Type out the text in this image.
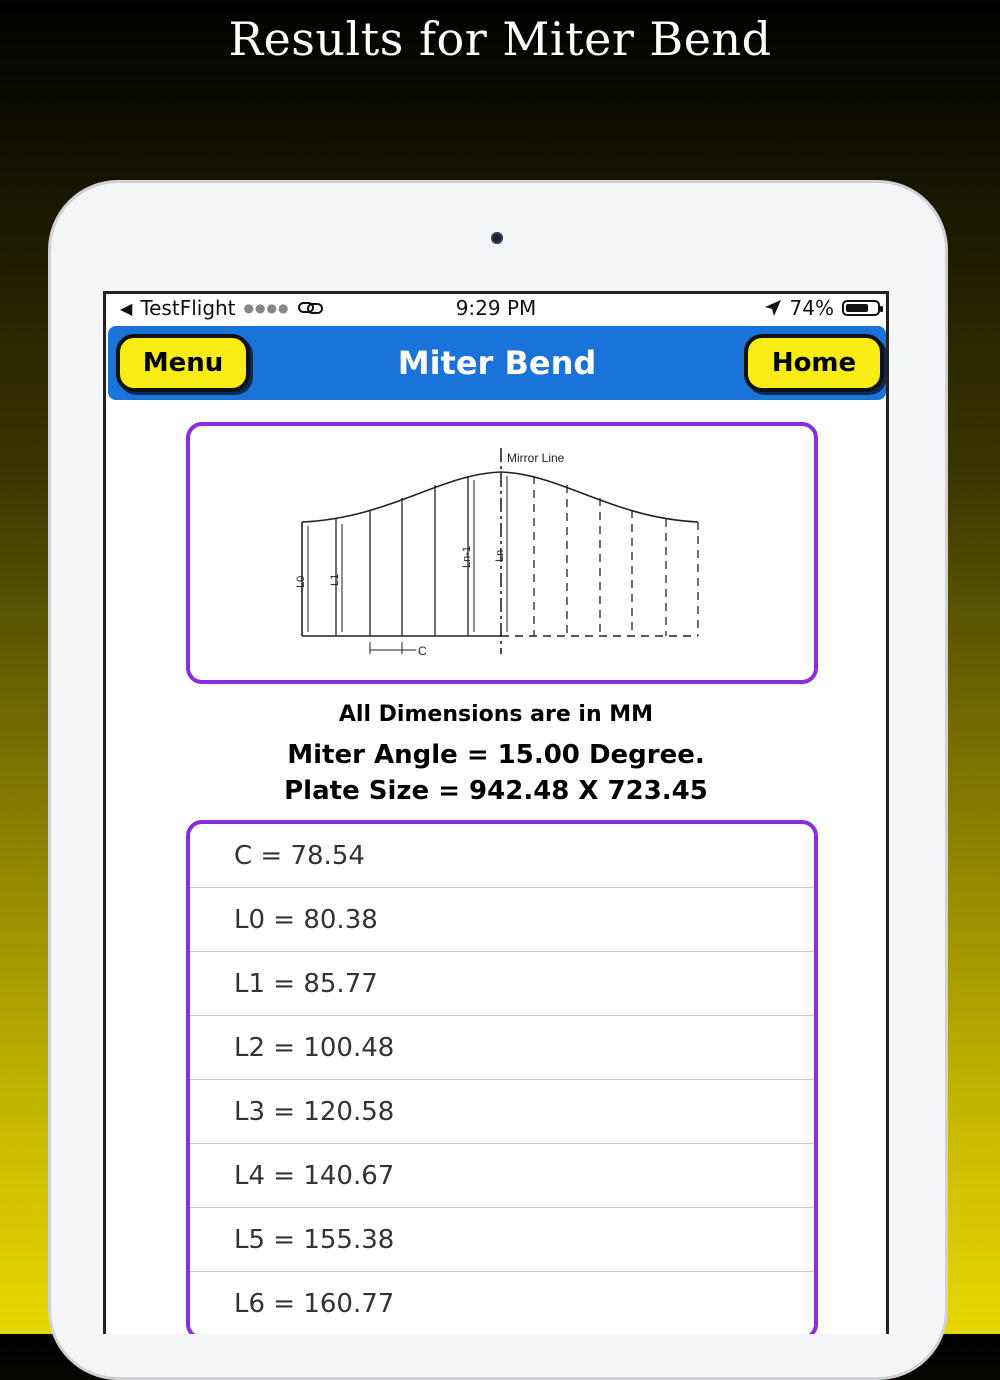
Results for Miter Bend
◀ TestFlight ●●●●	9:29 PM	74%
Miter Bend
Menu	Home
Mirror Line
C
L0 L1
Ln-1 Ln
All Dimensions are in MM
Miter Angle = 15.00 Degree.
Plate Size = 942.48 X 723.45
C = 78.54
L0 = 80.38
L1 = 85.77
L2 = 100.48
L3 = 120.58
L4 = 140.67
L5 = 155.38
L6 = 160.77
